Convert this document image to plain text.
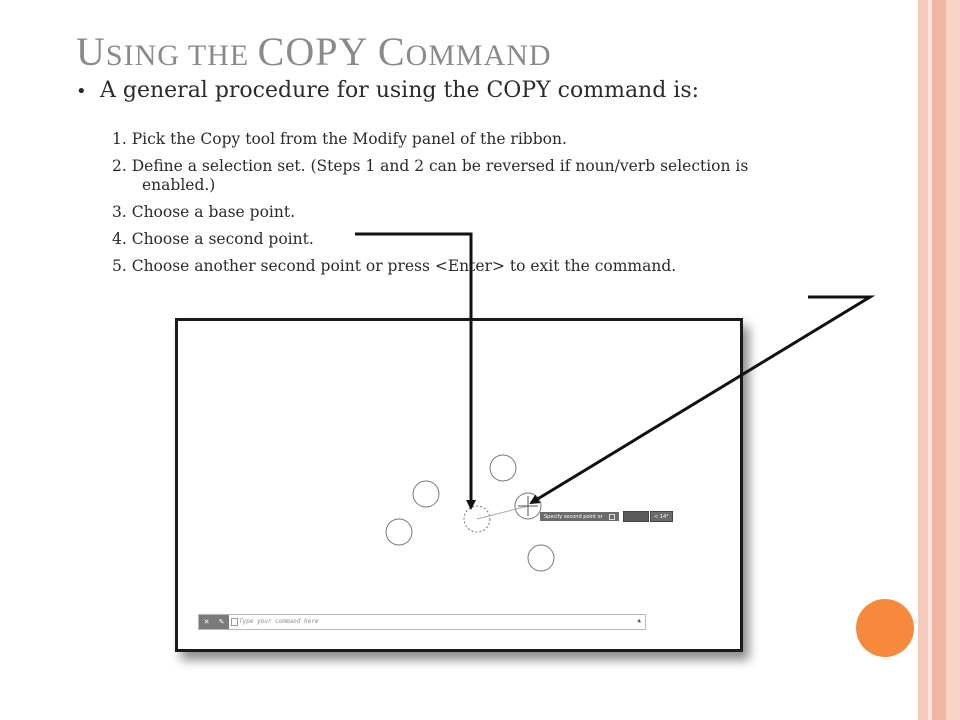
USING THE COPY COMMAND

• A general procedure for using the COPY command is:

1. Pick the Copy tool from the Modify panel of the ribbon.
2. Define a selection set. (Steps 1 and 2 can be reversed if noun/verb selection is
enabled.)
3. Choose a base point.
4. Choose a second point.
5. Choose another second point or press <Enter> to exit the command.
Specify second point or	< 14°
✕ ✎ Type your command here	▲
